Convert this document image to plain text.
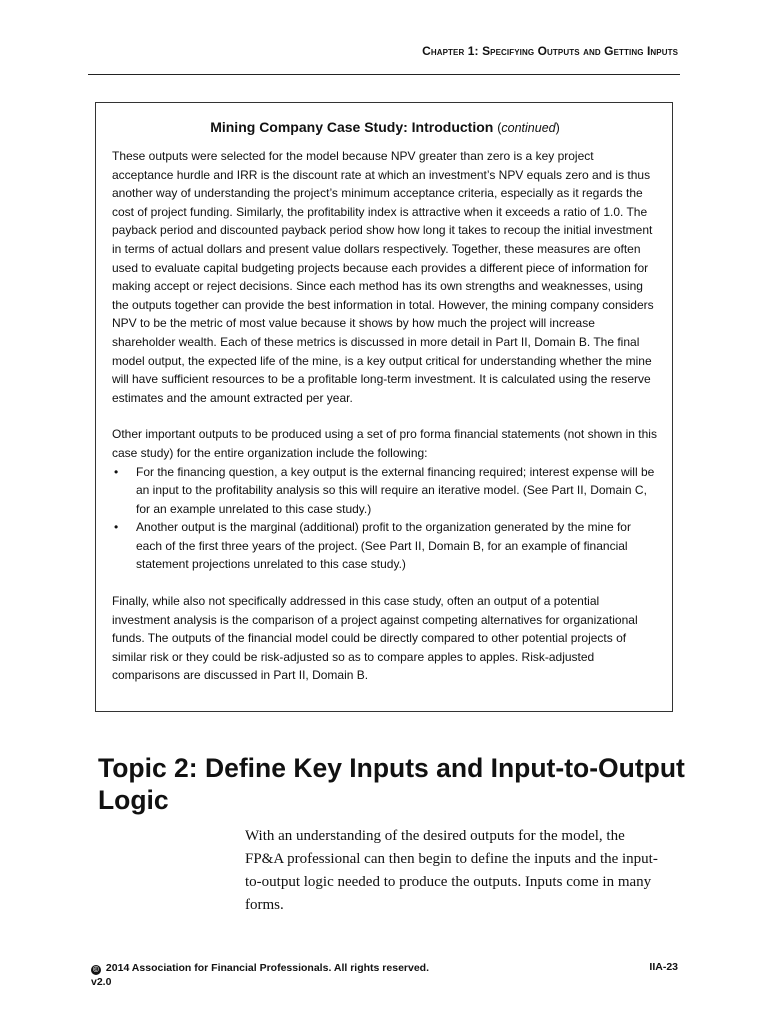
Chapter 1: Specifying Outputs and Getting Inputs
Mining Company Case Study: Introduction (continued)

These outputs were selected for the model because NPV greater than zero is a key project acceptance hurdle and IRR is the discount rate at which an investment’s NPV equals zero and is thus another way of understanding the project’s minimum acceptance criteria, especially as it regards the cost of project funding. Similarly, the profitability index is attractive when it exceeds a ratio of 1.0. The payback period and discounted payback period show how long it takes to recoup the initial investment in terms of actual dollars and present value dollars respectively. Together, these measures are often used to evaluate capital budgeting projects because each provides a different piece of information for making accept or reject decisions. Since each method has its own strengths and weaknesses, using the outputs together can provide the best information in total. However, the mining company considers NPV to be the metric of most value because it shows by how much the project will increase shareholder wealth. Each of these metrics is discussed in more detail in Part II, Domain B. The final model output, the expected life of the mine, is a key output critical for understanding whether the mine will have sufficient resources to be a profitable long-term investment. It is calculated using the reserve estimates and the amount extracted per year.

Other important outputs to be produced using a set of pro forma financial statements (not shown in this case study) for the entire organization include the following:

• For the financing question, a key output is the external financing required; interest expense will be an input to the profitability analysis so this will require an iterative model. (See Part II, Domain C, for an example unrelated to this case study.)
• Another output is the marginal (additional) profit to the organization generated by the mine for each of the first three years of the project. (See Part II, Domain B, for an example of financial statement projections unrelated to this case study.)

Finally, while also not specifically addressed in this case study, often an output of a potential investment analysis is the comparison of a project against competing alternatives for organizational funds. The outputs of the financial model could be directly compared to other potential projects of similar risk or they could be risk-adjusted so as to compare apples to apples. Risk-adjusted comparisons are discussed in Part II, Domain B.

Topic 2: Define Key Inputs and Input-to-Output Logic
With an understanding of the desired outputs for the model, the FP&A professional can then begin to define the inputs and the input-to-output logic needed to produce the outputs. Inputs come in many forms.
© 2014 Association for Financial Professionals. All rights reserved.
v2.0
IIA-23
